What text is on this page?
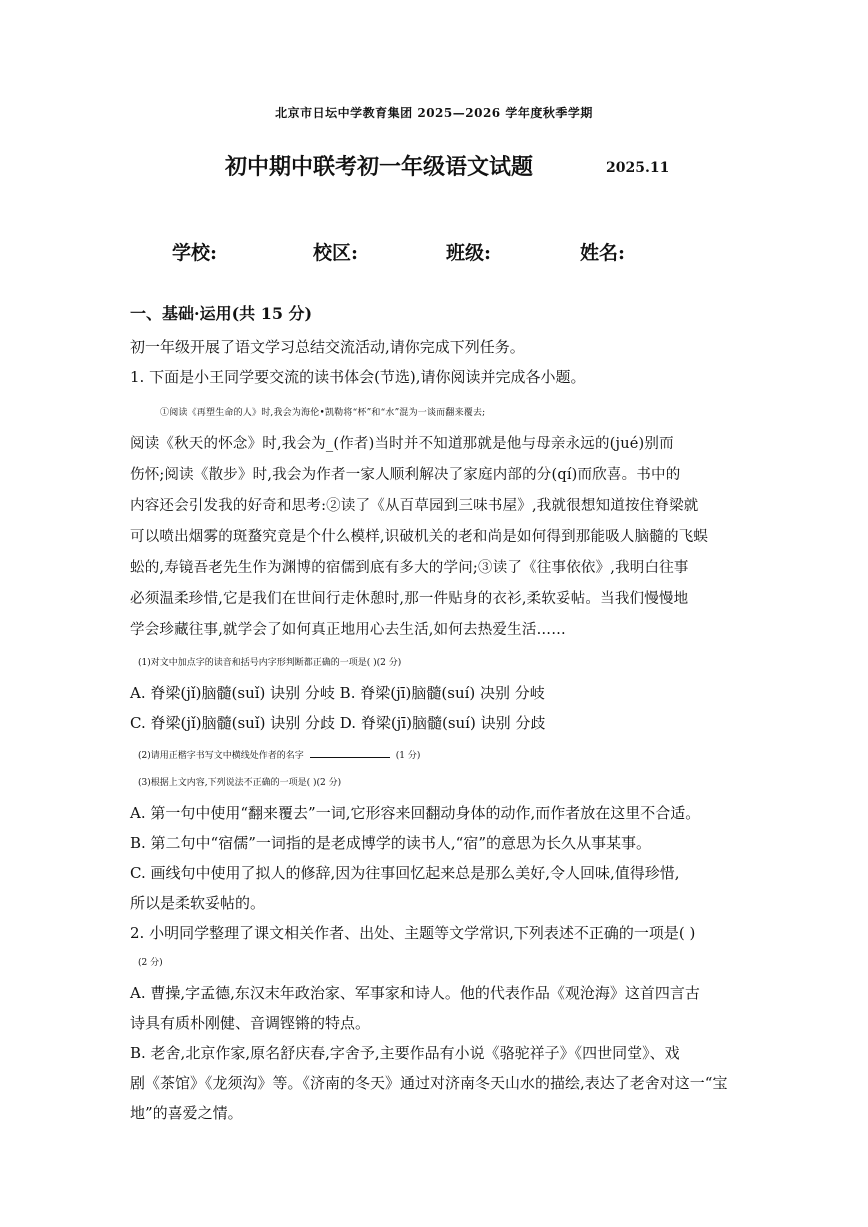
北京市日坛中学教育集团 2025—2026 学年度秋季学期
初中期中联考初一年级语文试题	2025.11
学校:	校区:	班级:	姓名:
一、基础·运用(共 15 分)
初一年级开展了语文学习总结交流活动,请你完成下列任务。
1. 下面是小王同学要交流的读书体会(节选),请你阅读并完成各小题。
①阅读《再塑生命的人》时,我会为海伦•凯勒将“杯”和“水”混为一谈而翻来覆去;
阅读《秋天的怀念》时,我会为_(作者)当时并不知道那就是他与母亲永远的(jué)别而
伤怀;阅读《散步》时,我会为作者一家人顺利解决了家庭内部的分(qí)而欣喜。书中的
内容还会引发我的好奇和思考:②读了《从百草园到三味书屋》,我就很想知道按住脊梁就
可以喷出烟雾的斑蝥究竟是个什么模样,识破机关的老和尚是如何得到那能吸人脑髓的飞蜈
蚣的,寿镜吾老先生作为渊博的宿儒到底有多大的学问;③读了《往事依依》,我明白往事
必须温柔珍惜,它是我们在世间行走休憩时,那一件贴身的衣衫,柔软妥帖。当我们慢慢地
学会珍藏往事,就学会了如何真正地用心去生活,如何去热爱生活……
(1)对文中加点字的读音和括号内字形判断都正确的一项是( )(2 分)
A. 脊梁(jǐ)脑髓(suǐ) 诀别 分岐 B. 脊梁(jī)脑髓(suí) 决别 分岐
C. 脊梁(jǐ)脑髓(suǐ) 诀别 分歧 D. 脊梁(jī)脑髓(suí) 诀别 分歧
(2)请用正楷字书写文中横线处作者的名字	(1 分)
(3)根据上文内容,下列说法不正确的一项是( )(2 分)
A. 第一句中使用“翻来覆去”一词,它形容来回翻动身体的动作,而作者放在这里不合适。
B. 第二句中“宿儒”一词指的是老成博学的读书人,“宿”的意思为长久从事某事。
C. 画线句中使用了拟人的修辞,因为往事回忆起来总是那么美好,令人回味,值得珍惜,
所以是柔软妥帖的。
2. 小明同学整理了课文相关作者、出处、主题等文学常识,下列表述不正确的一项是( )
(2 分)
A. 曹操,字孟德,东汉末年政治家、军事家和诗人。他的代表作品《观沧海》这首四言古
诗具有质朴刚健、音调铿锵的特点。
B. 老舍,北京作家,原名舒庆春,字舍予,主要作品有小说《骆驼祥子》《四世同堂》、戏
剧《茶馆》《龙须沟》等。《济南的冬天》通过对济南冬天山水的描绘,表达了老舍对这一“宝
地”的喜爱之情。
